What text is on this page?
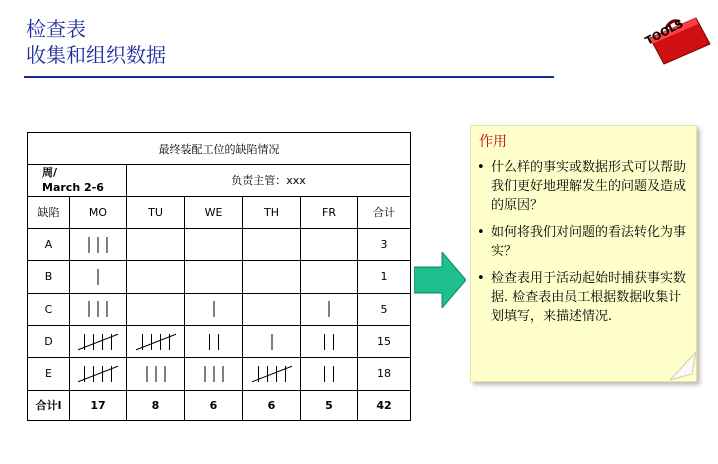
检查表
收集和组织数据
TOOLS
最终装配工位的缺陷情况						

周/
March 2-6		负责主管：xxx				
缺陷	MO	TU	WE	TH	FR	合计
A						3
B						1
C						5
D						15
E						18
合计l	17	8	6	6	5	42
作用
• 什么样的事实或数据形式可以帮助我们更好地理解发生的问题及造成的原因？
• 如何将我们对问题的看法转化为事实？
• 检查表用于活动起始时捕获事实数据. 检查表由员工根据数据收集计划填写，来描述情况.
